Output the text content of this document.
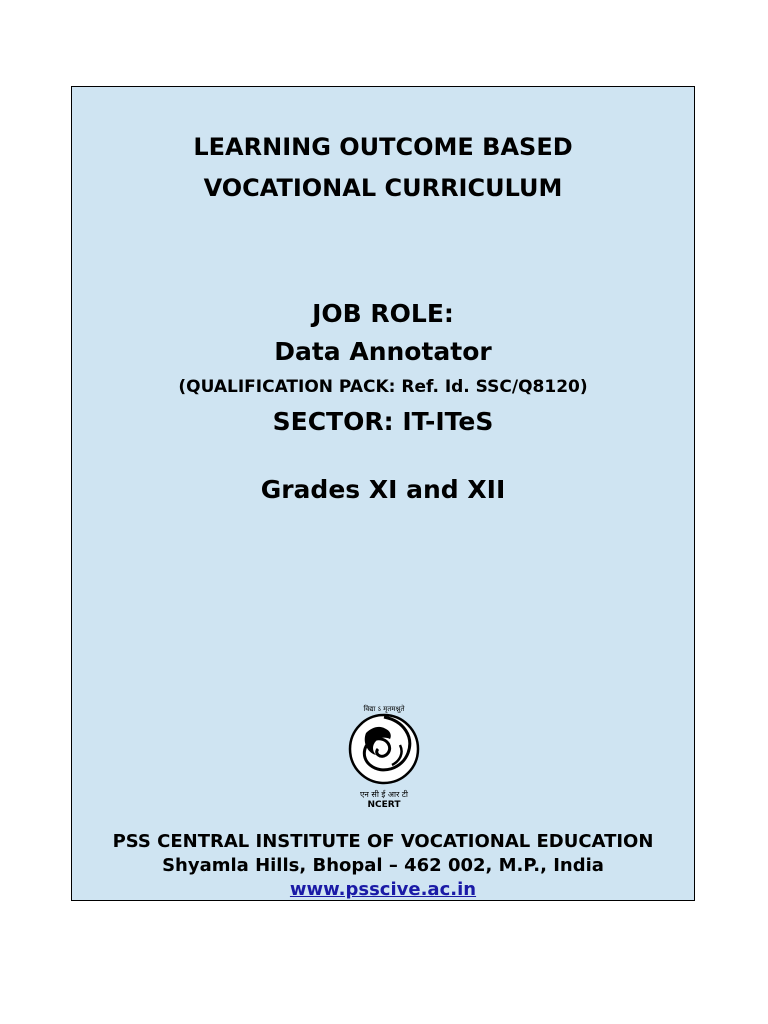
LEARNING OUTCOME BASED
VOCATIONAL CURRICULUM
JOB ROLE:
Data Annotator
(QUALIFICATION PACK: Ref. Id. SSC/Q8120)
SECTOR: IT-ITeS
Grades XI and XII
विद्या ऽ मृतमश्नुते
एन सी ई आर टी
NCERT
PSS CENTRAL INSTITUTE OF VOCATIONAL EDUCATION
Shyamla Hills, Bhopal – 462 002, M.P., India
www.psscive.ac.in
